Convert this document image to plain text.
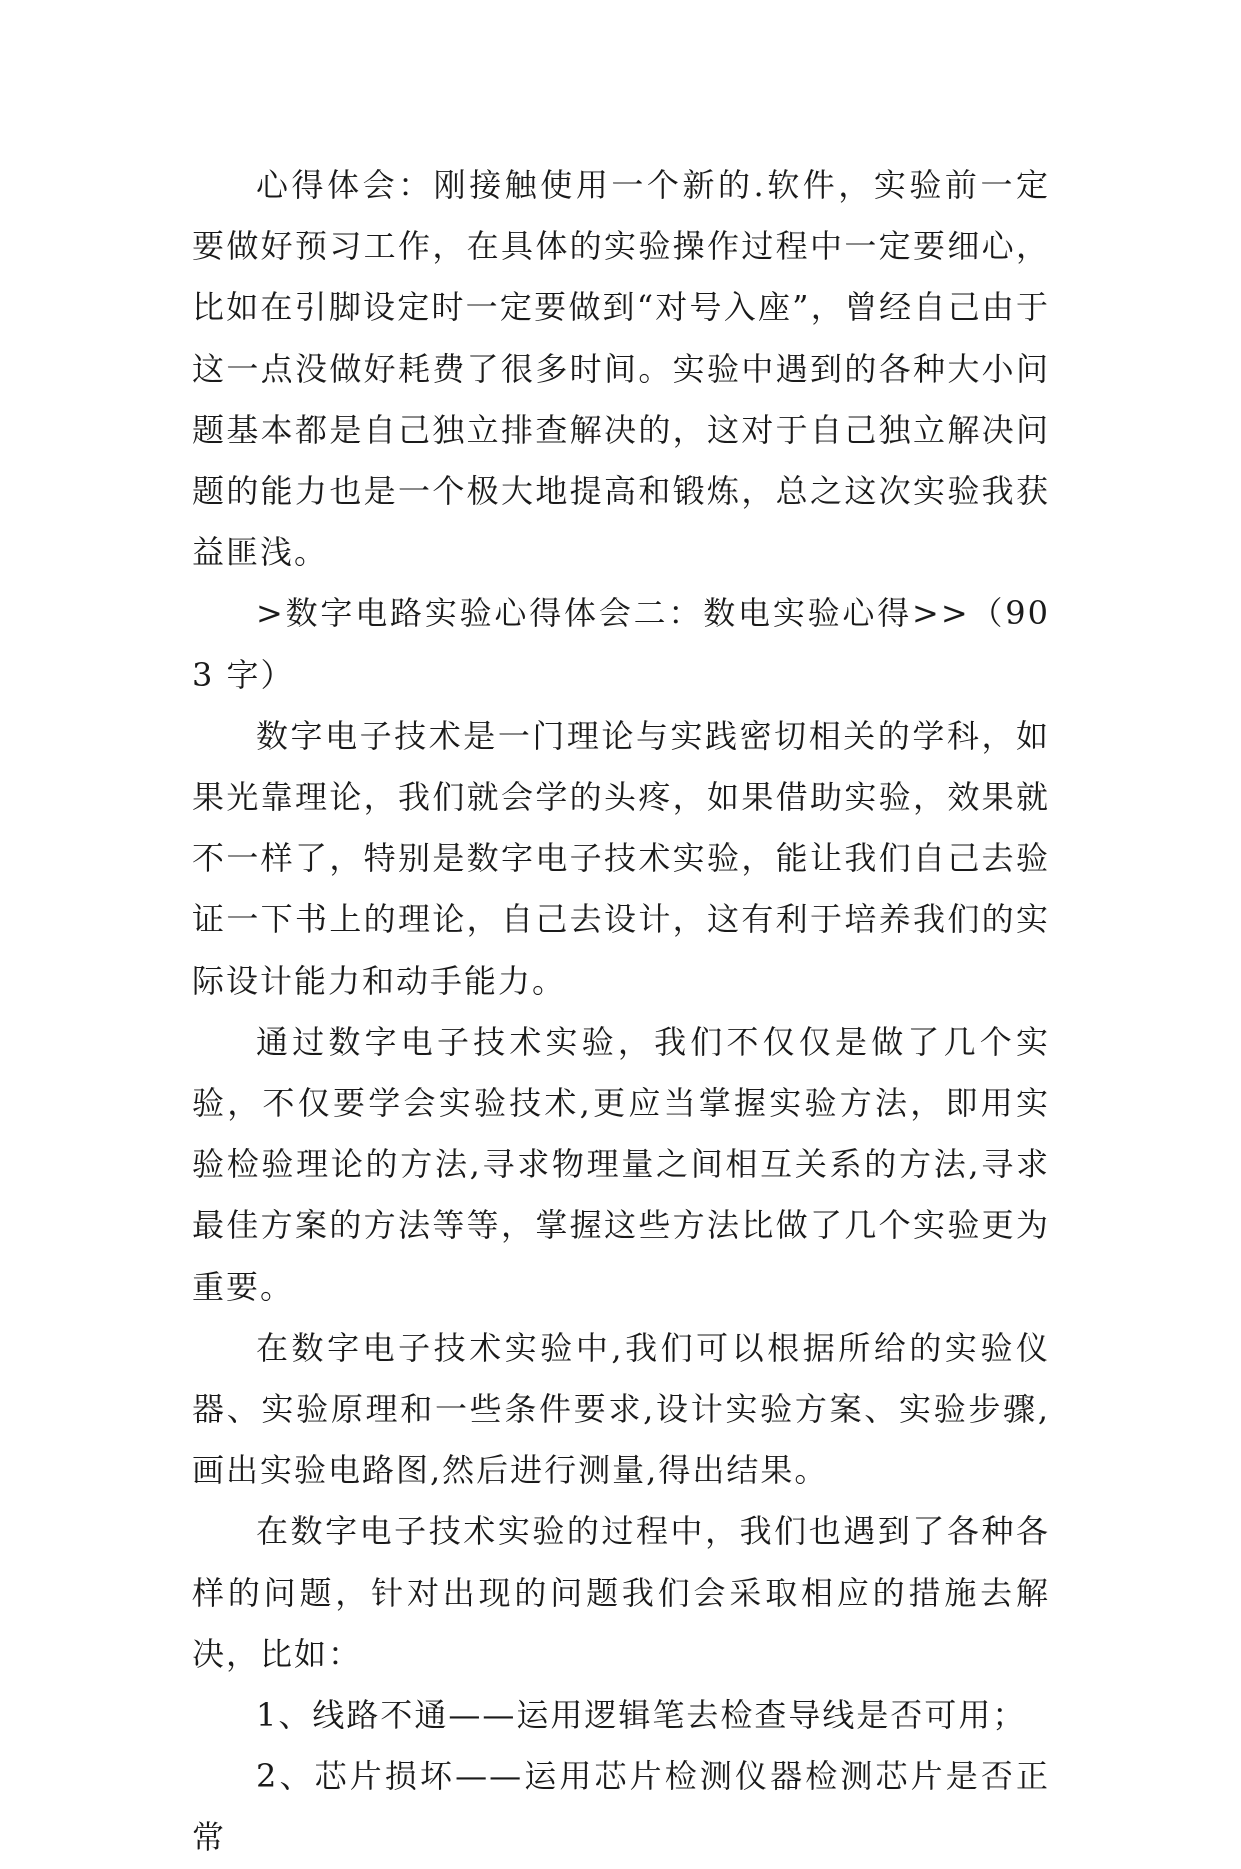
心得体会：刚接触使用一个新的.软件，实验前一定要做好预习工作，在具体的实验操作过程中一定要细心，比如在引脚设定时一定要做到“对号入座”，曾经自己由于这一点没做好耗费了很多时间。实验中遇到的各种大小问题基本都是自己独立排查解决的，这对于自己独立解决问题的能力也是一个极大地提高和锻炼，总之这次实验我获益匪浅。

>数字电路实验心得体会二：数电实验心得>>（903 字）

数字电子技术是一门理论与实践密切相关的学科，如果光靠理论，我们就会学的头疼，如果借助实验，效果就不一样了，特别是数字电子技术实验，能让我们自己去验证一下书上的理论，自己去设计，这有利于培养我们的实际设计能力和动手能力。

通过数字电子技术实验，我们不仅仅是做了几个实验，不仅要学会实验技术,更应当掌握实验方法，即用实验检验理论的方法,寻求物理量之间相互关系的方法,寻求最佳方案的方法等等，掌握这些方法比做了几个实验更为重要。

在数字电子技术实验中,我们可以根据所给的实验仪器、实验原理和一些条件要求,设计实验方案、实验步骤,画出实验电路图,然后进行测量,得出结果。

在数字电子技术实验的过程中，我们也遇到了各种各样的问题，针对出现的问题我们会采取相应的措施去解决，比如：

1、线路不通——运用逻辑笔去检查导线是否可用；

2、芯片损坏——运用芯片检测仪器检测芯片是否正常
